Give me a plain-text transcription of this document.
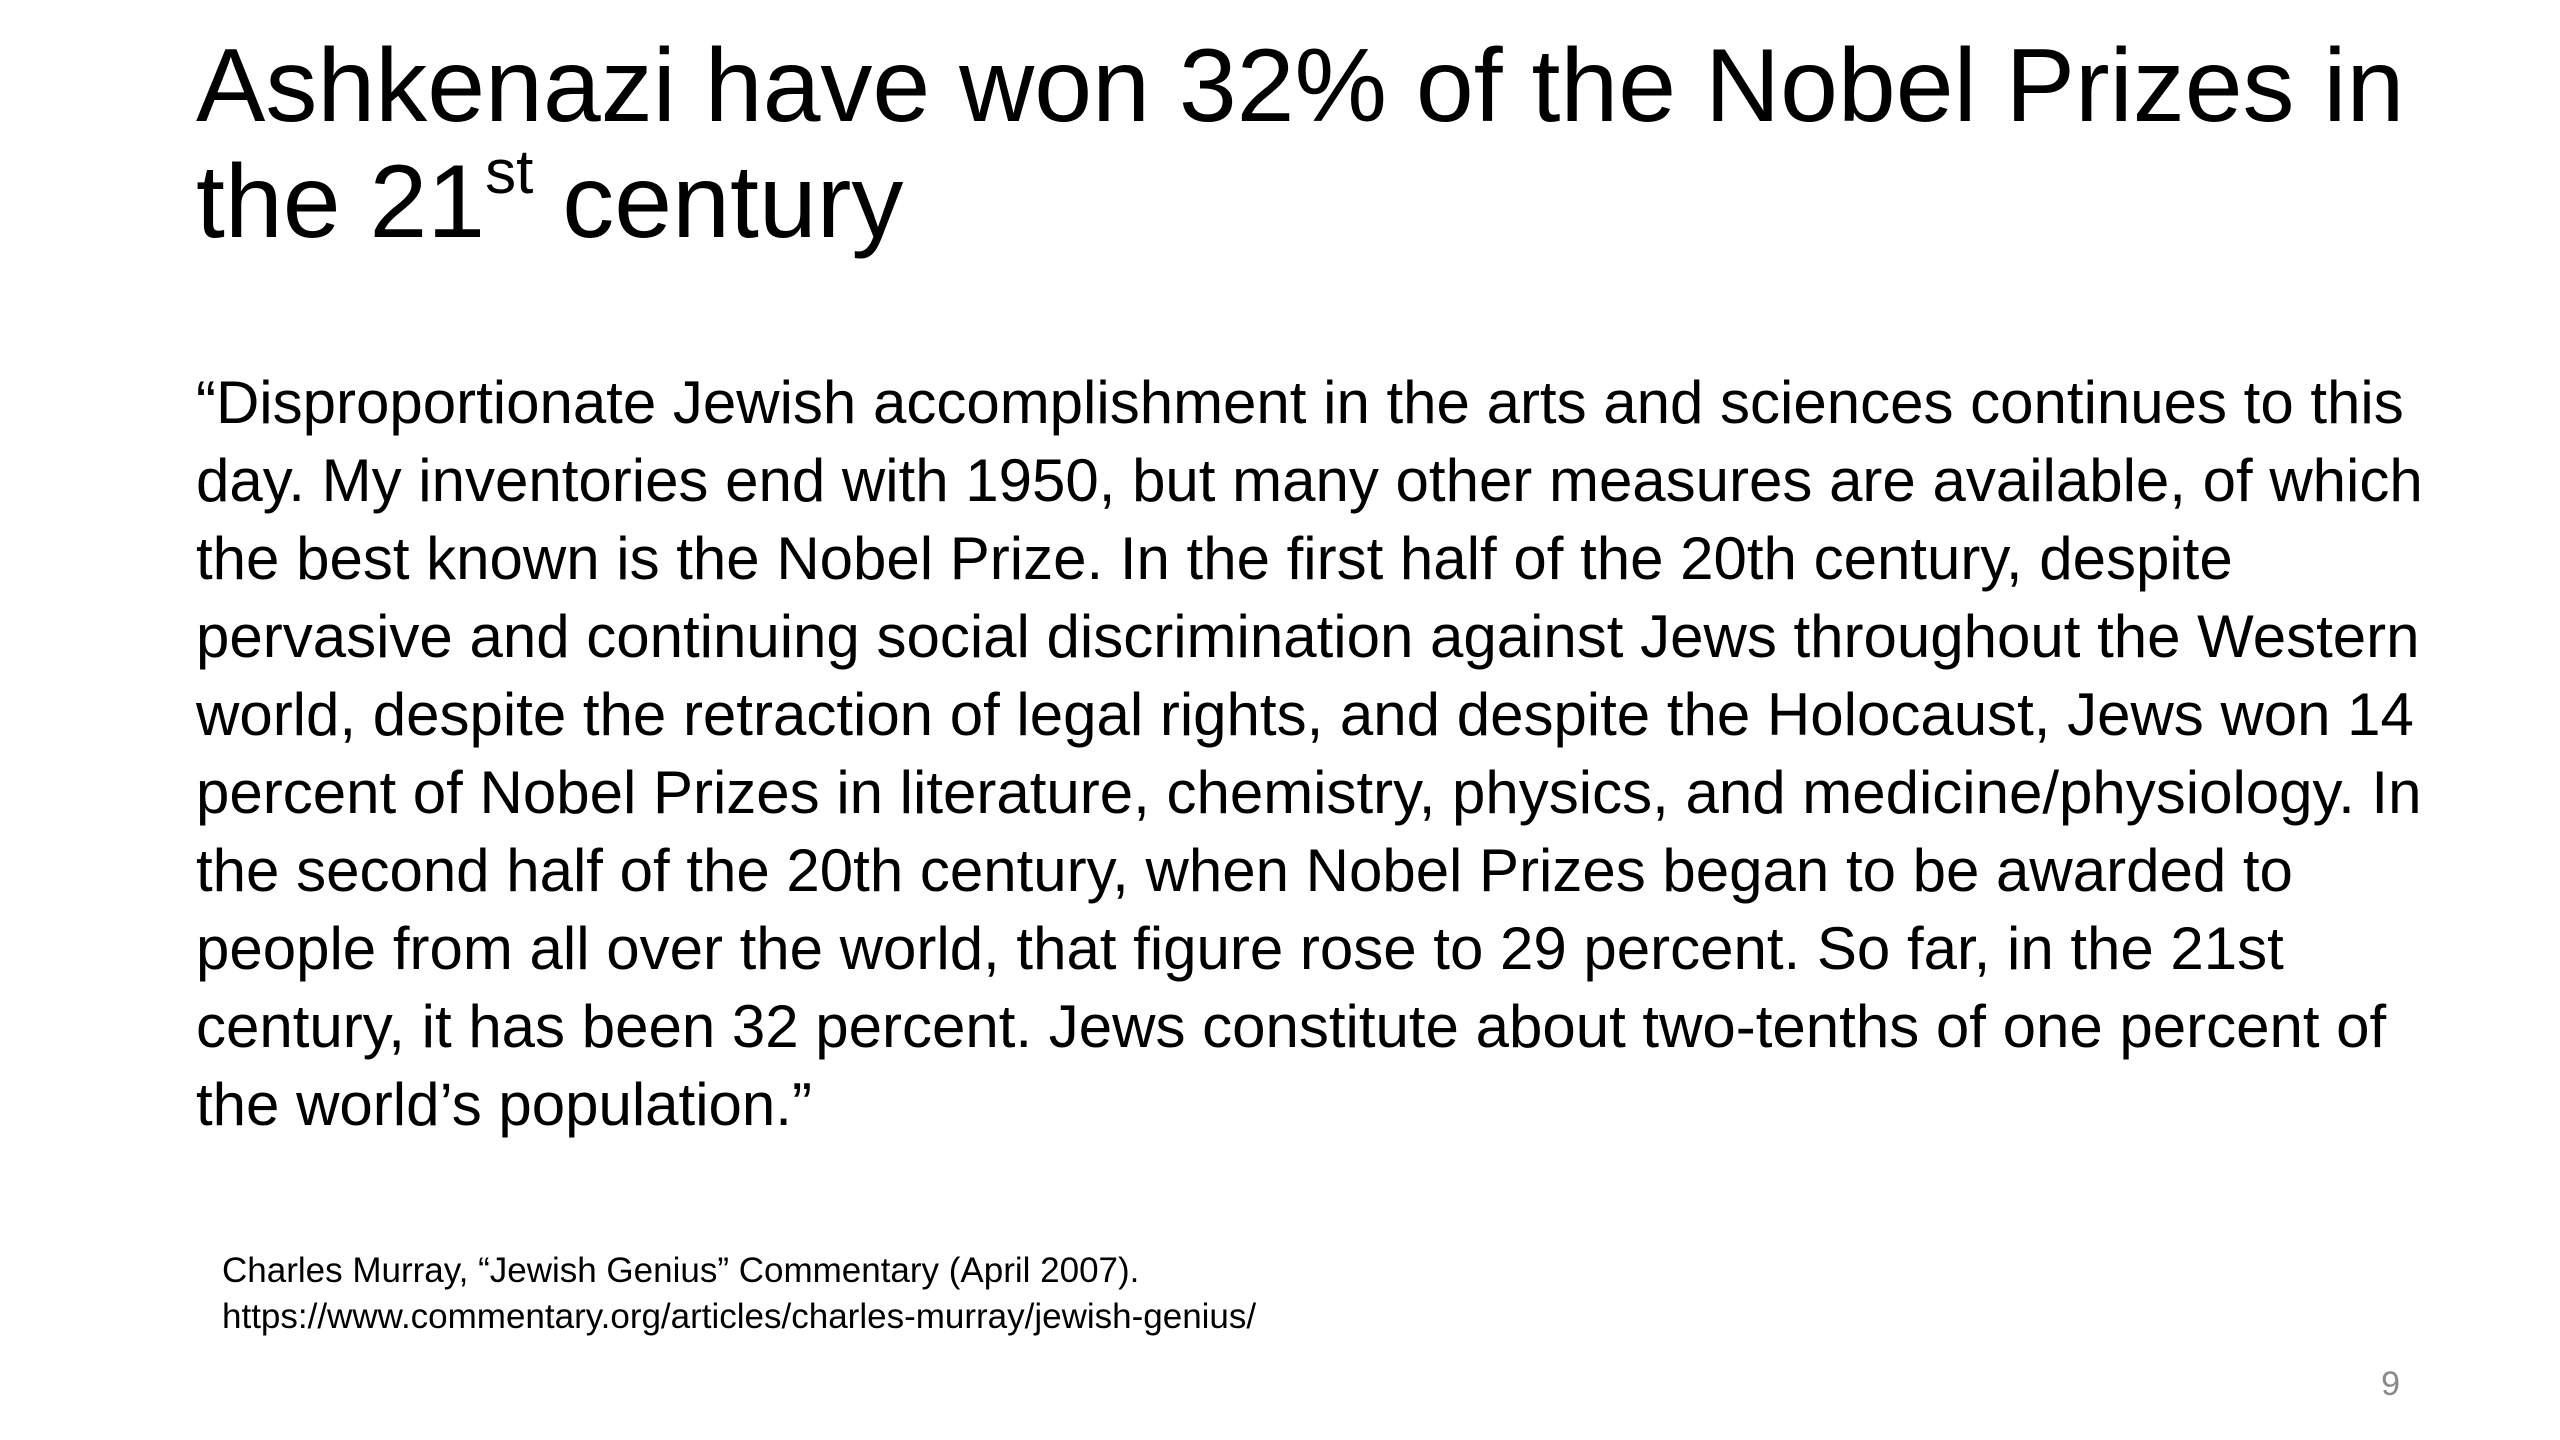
Ashkenazi have won 32% of the Nobel Prizes in the 21st century

“Disproportionate Jewish accomplishment in the arts and sciences continues to this day. My inventories end with 1950, but many other measures are available, of which the best known is the Nobel Prize. In the first half of the 20th century, despite pervasive and continuing social discrimination against Jews throughout the Western world, despite the retraction of legal rights, and despite the Holocaust, Jews won 14 percent of Nobel Prizes in literature, chemistry, physics, and medicine/physiology. In the second half of the 20th century, when Nobel Prizes began to be awarded to people from all over the world, that figure rose to 29 percent. So far, in the 21st century, it has been 32 percent. Jews constitute about two-tenths of one percent of the world’s population.”

Charles Murray, “Jewish Genius” Commentary (April 2007).
https://www.commentary.org/articles/charles-murray/jewish-genius/
9
